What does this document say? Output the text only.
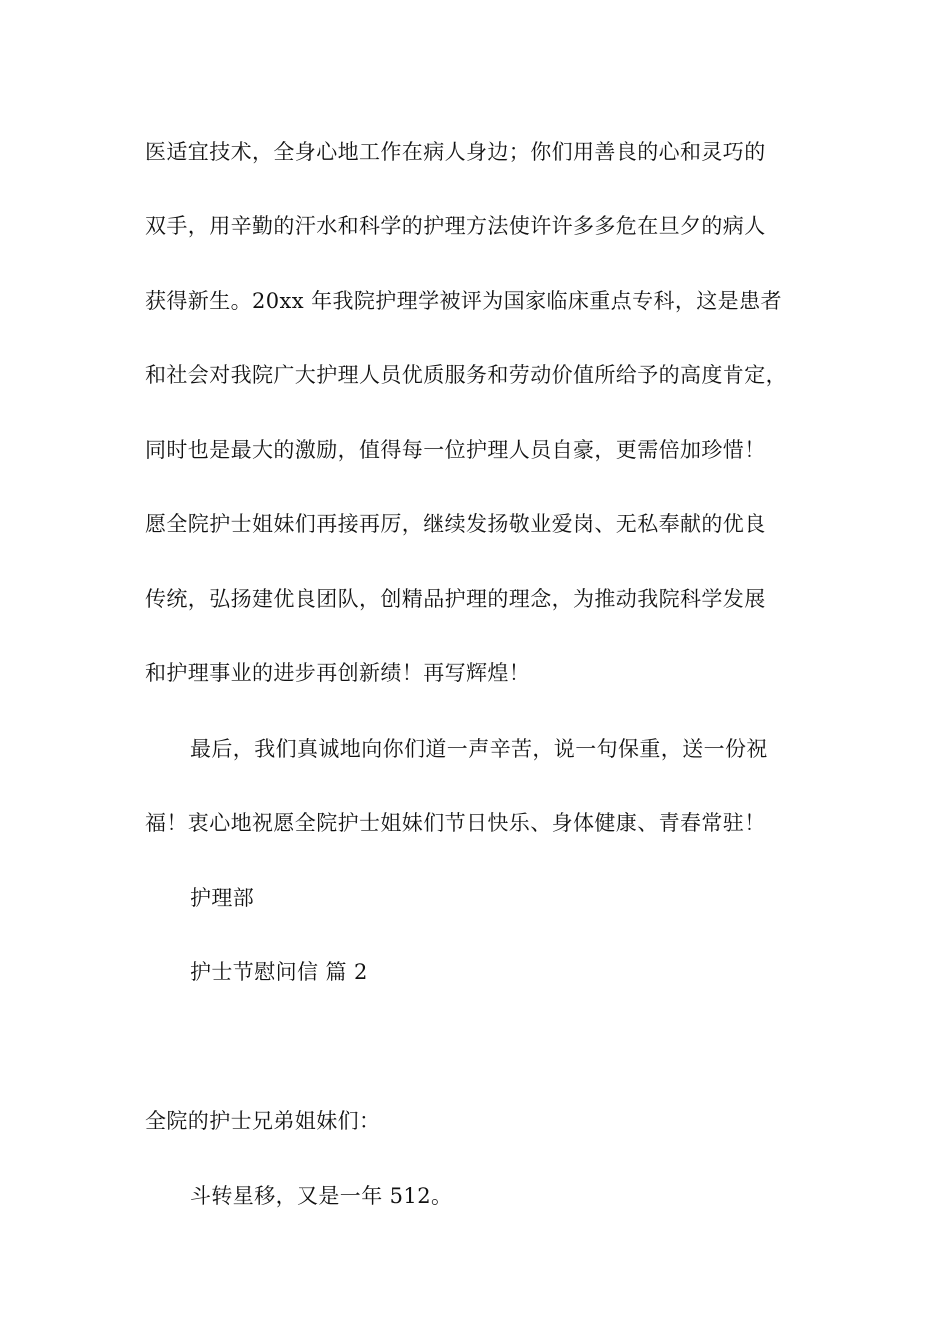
医适宜技术，全身心地工作在病人身边；你们用善良的心和灵巧的
双手，用辛勤的汗水和科学的护理方法使许许多多危在旦夕的病人
获得新生。20xx 年我院护理学被评为国家临床重点专科，这是患者
和社会对我院广大护理人员优质服务和劳动价值所给予的高度肯定，
同时也是最大的激励，值得每一位护理人员自豪，更需倍加珍惜！
愿全院护士姐妹们再接再厉，继续发扬敬业爱岗、无私奉献的优良
传统，弘扬建优良团队，创精品护理的理念，为推动我院科学发展
和护理事业的进步再创新绩！再写辉煌！
最后，我们真诚地向你们道一声辛苦，说一句保重，送一份祝
福！衷心地祝愿全院护士姐妹们节日快乐、身体健康、青春常驻！
护理部
护士节慰问信 篇 2
全院的护士兄弟姐妹们：
斗转星移，又是一年 512。
